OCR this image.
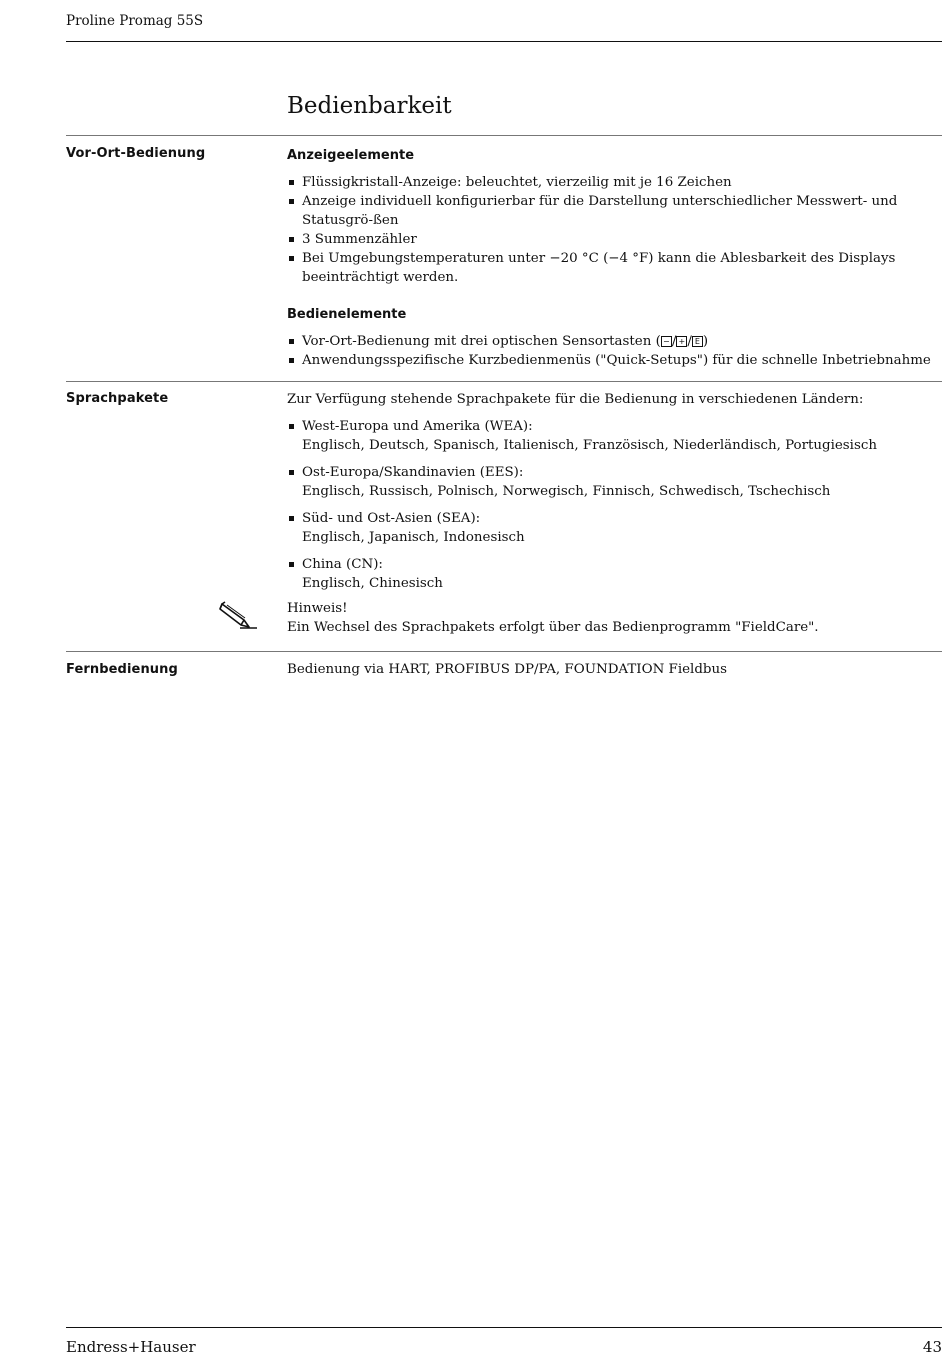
Proline Promag 55S
Bedienbarkeit
Vor-Ort-Bedienung	Anzeigeelemente
Flüssigkristall-Anzeige: beleuchtet, vierzeilig mit je 16 Zeichen
Anzeige individuell konfigurierbar für die Darstellung unterschiedlicher Messwert- und Statusgrö-ßen
3 Summenzähler
Bei Umgebungstemperaturen unter −20 °C (−4 °F) kann die Ablesbarkeit des Displays beeinträchtigt werden.
Bedienelemente
Vor-Ort-Bedienung mit drei optischen Sensortasten ( − / + / E )
Anwendungsspezifische Kurzbedienmenüs ("Quick-Setups") für die schnelle Inbetriebnahme
Sprachpakete	Zur Verfügung stehende Sprachpakete für die Bedienung in verschiedenen Ländern:
West-Europa und Amerika (WEA):
Englisch, Deutsch, Spanisch, Italienisch, Französisch, Niederländisch, Portugiesisch
Ost-Europa/Skandinavien (EES):
Englisch, Russisch, Polnisch, Norwegisch, Finnisch, Schwedisch, Tschechisch
Süd- und Ost-Asien (SEA):
Englisch, Japanisch, Indonesisch
China (CN):
Englisch, Chinesisch
Hinweis!
Ein Wechsel des Sprachpakets erfolgt über das Bedienprogramm "FieldCare".
Fernbedienung	Bedienung via HART, PROFIBUS DP/PA, FOUNDATION Fieldbus
Endress+Hauser	43
